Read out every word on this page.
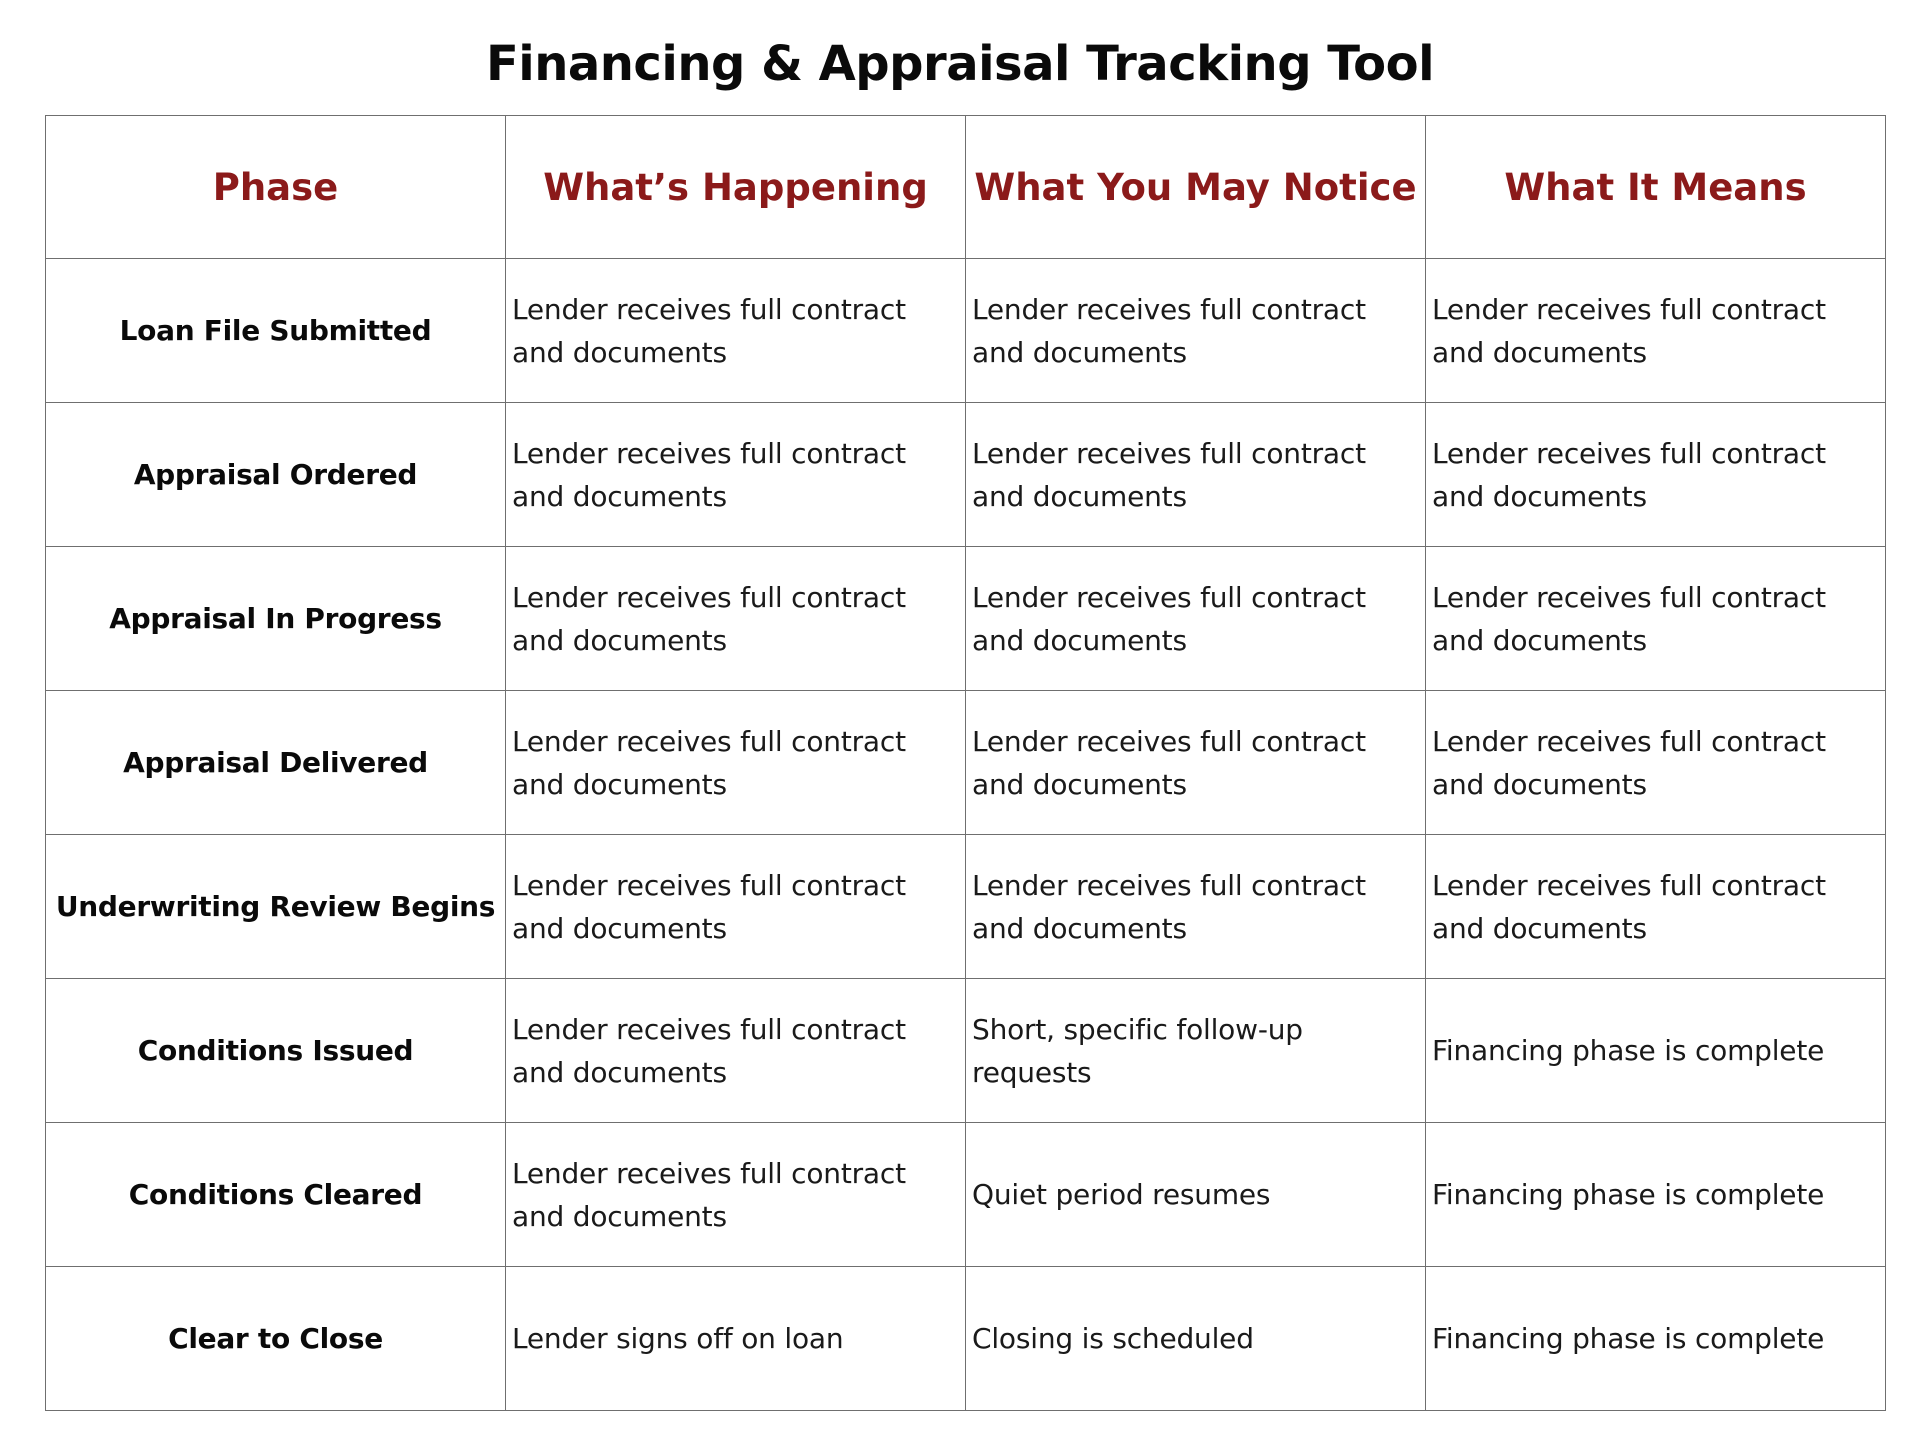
Financing & Appraisal Tracking Tool
Phase	What’s Happening	What You May Notice	What It Means
Loan File Submitted	Lender receives full contract and documents	Lender receives full contract and documents	Lender receives full contract and documents
Appraisal Ordered	Lender receives full contract and documents	Lender receives full contract and documents	Lender receives full contract and documents
Appraisal In Progress	Lender receives full contract and documents	Lender receives full contract and documents	Lender receives full contract and documents
Appraisal Delivered	Lender receives full contract and documents	Lender receives full contract and documents	Lender receives full contract and documents
Underwriting Review Begins	Lender receives full contract and documents	Lender receives full contract and documents	Lender receives full contract and documents
Conditions Issued	Lender receives full contract and documents	Short, specific follow-up requests	Financing phase is complete
Conditions Cleared	Lender receives full contract and documents	Quiet period resumes	Financing phase is complete
Clear to Close	Lender signs off on loan	Closing is scheduled	Financing phase is complete
